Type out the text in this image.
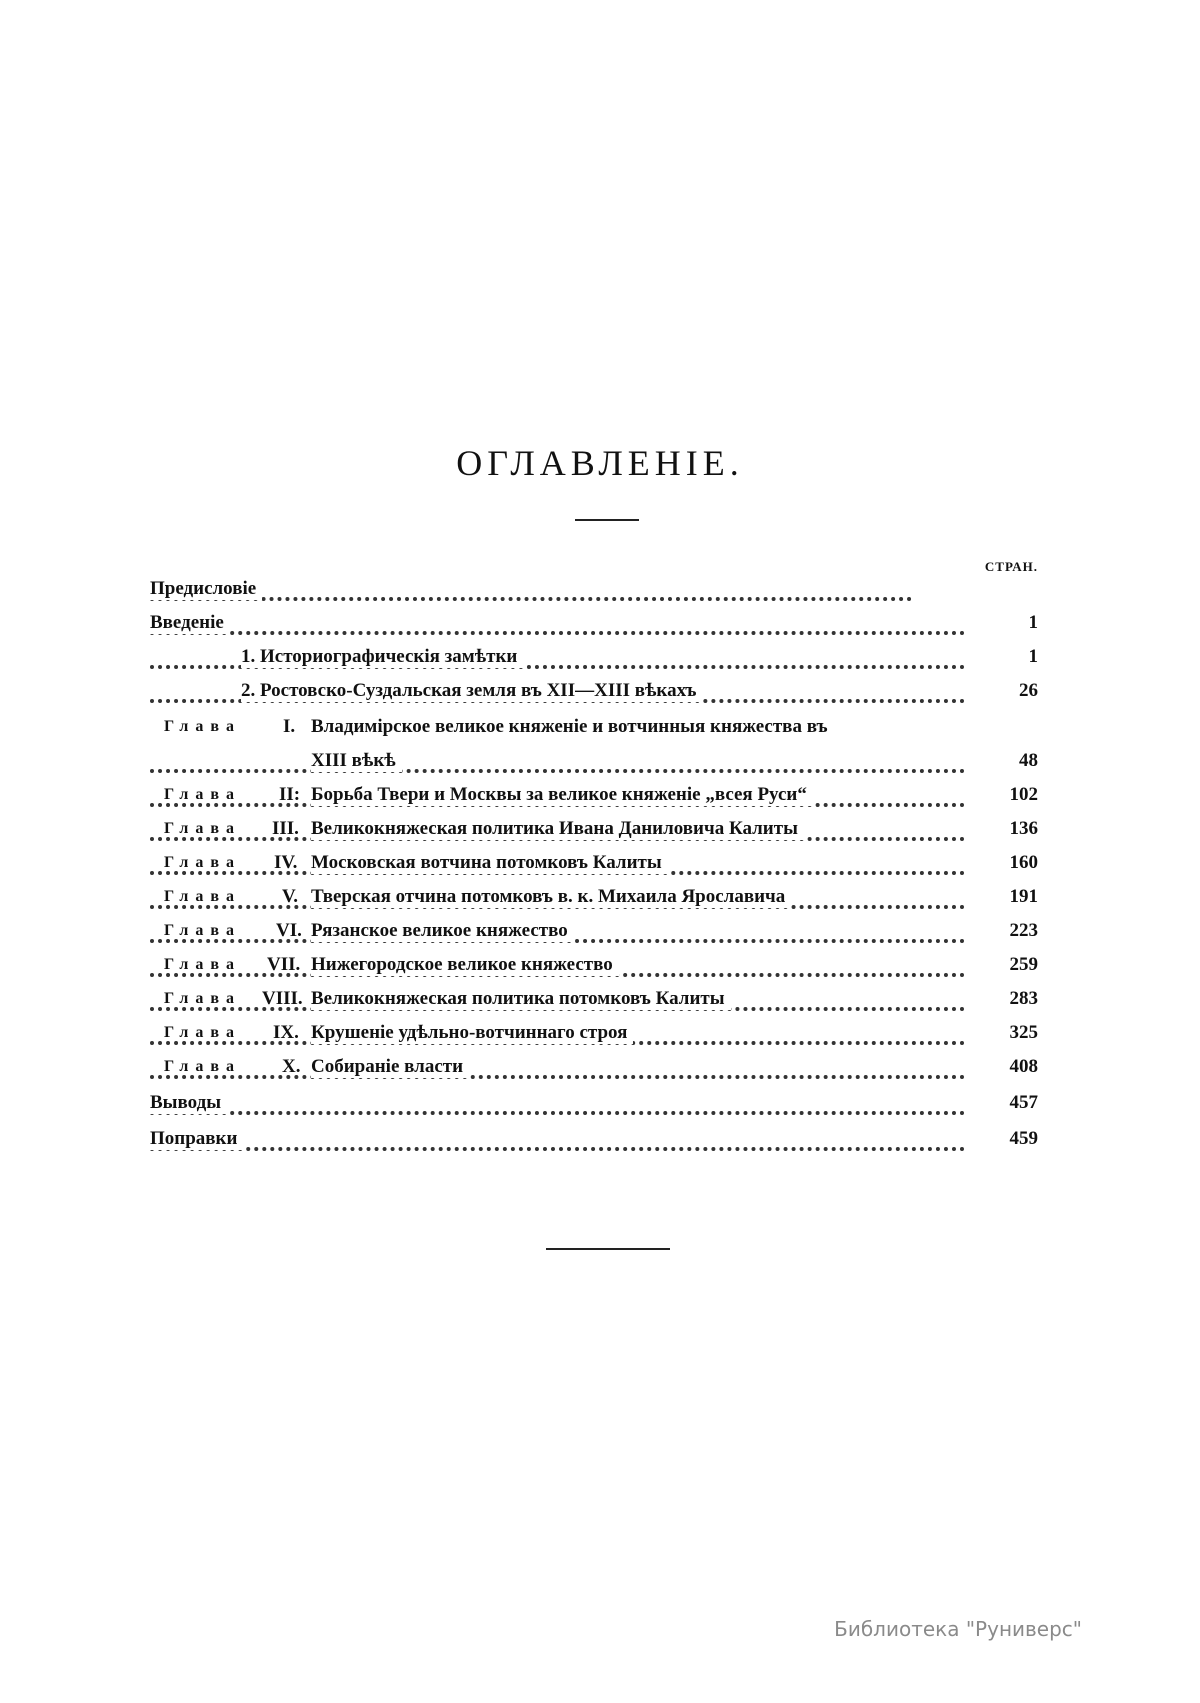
ОГЛАВЛЕНІЕ.
СТРАН.
Предисловіе
Введеніе	1
1. Историографическія замѣтки	1
2. Ростовско-Суздальская земля въ XII—XIII вѣкахъ	26
Глава I. Владимірское великое княженіе и вотчинныя княжества въ
XIII вѣкѣ	48
Глава II: Борьба Твери и Москвы за великое княженіе „всея Руси“	102
Глава III. Великокняжеская политика Ивана Даниловича Калиты	136
Глава IV. Московская вотчина потомковъ Калиты	160
Глава V. Тверская отчина потомковъ в. к. Михаила Ярославича	191
Глава VI. Рязанское великое княжество	223
Глава VII. Нижегородское великое княжество	259
Глава VIII. Великокняжеская политика потомковъ Калиты	283
Глава IX. Крушеніе удѣльно-вотчиннаго строя	325
Глава X. Собираніе власти	408
Выводы	457
Поправки	459
Библиотека "Руниверс"
